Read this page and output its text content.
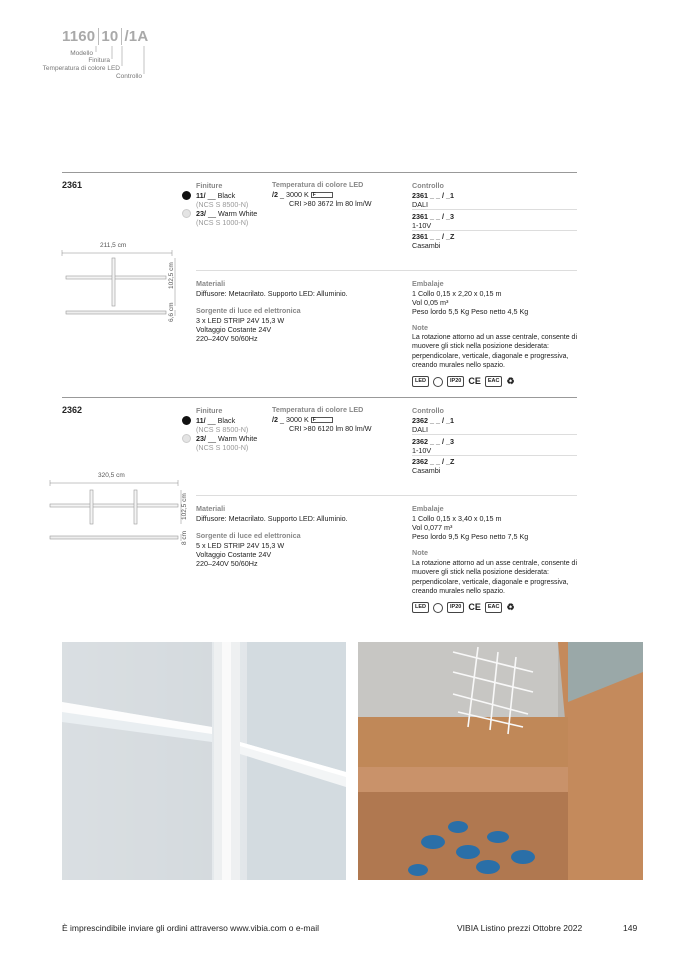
1160 10 /1A
Modello
Finitura
Temperatura di colore LED
Controllo
2361
211,5 cm
102,5 cm
6,6 cm
Finiture
11/ __ Black
(NCS S 8500-N)
23/ __ Warm White
(NCS S 1000-N)
Temperatura di colore LED
/2 _ 3000 KF
CRI >80 3672 lm 80 lm/W
Controllo
2361 _ _ / _1
DALI
2361 _ _ / _3
1-10V
2361 _ _ / _Z
Casambi
Materiali
Diffusore: Metacrilato. Supporto LED: Alluminio.
Sorgente di luce ed elettronica
3 x LED STRIP 24V 15,3 W
Voltaggio Costante 24V
220–240V 50/60Hz
Embalaje
1 Collo 0,15 x 2,20 x 0,15 m
Vol 0,05 m³
Peso lordo 5,5 Kg Peso netto 4,5 Kg
Note
La rotazione attorno ad un asse centrale, consente di muovere gli stick nella posizione desiderata: perpendicolare, verticale, diagonale e progressiva, creando murales nello spazio.
LED	IP20 CE	EAC ♻
2362
320,5 cm
102,5 cm
8 cm
Finiture
11/ __ Black
(NCS S 8500-N)
23/ __ Warm White
(NCS S 1000-N)
Temperatura di colore LED
/2 _ 3000 KF
CRI >80 6120 lm 80 lm/W
Controllo
2362 _ _ / _1
DALI
2362 _ _ / _3
1-10V
2362 _ _ / _Z
Casambi
Materiali
Diffusore: Metacrilato. Supporto LED: Alluminio.
Sorgente di luce ed elettronica
5 x LED STRIP 24V 15,3 W
Voltaggio Costante 24V
220–240V 50/60Hz
Embalaje
1 Collo 0,15 x 3,40 x 0,15 m
Vol 0,077 m³
Peso lordo 9,5 Kg Peso netto 7,5 Kg
Note
La rotazione attorno ad un asse centrale, consente di muovere gli stick nella posizione desiderata: perpendicolare, verticale, diagonale e progressiva, creando murales nello spazio.
LED	IP20 CE	EAC ♻
È imprescindibile inviare gli ordini attraverso www.vibia.com o e-mail	VIBIA Listino prezzi Ottobre 2022	149
